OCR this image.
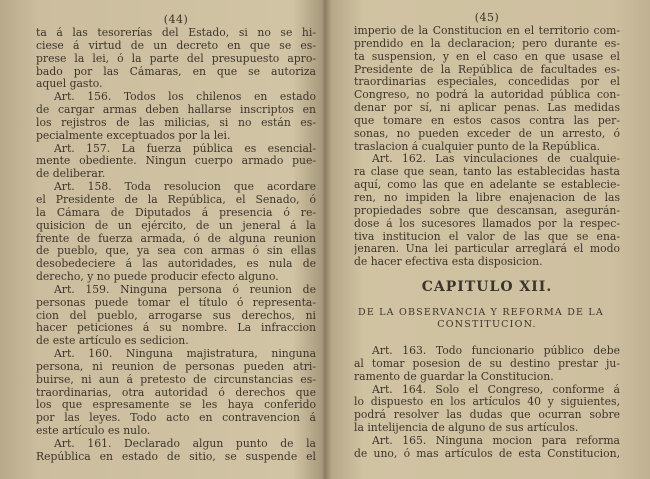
(44)
ta á las tesorerías del Estado, si no se hi-
ciese á virtud de un decreto en que se es-
prese la lei, ó la parte del presupuesto apro-
bado por las Cámaras, en que se autoriza
aquel gasto.
Art. 156. Todos los chilenos en estado
de cargar armas deben hallarse inscriptos en
los rejistros de las milicias, si no están es-
pecialmente exceptuados por la lei.
Art. 157. La fuerza pública es esencial-
mente obediente. Ningun cuerpo armado pue-
de deliberar.
Art. 158. Toda resolucion que acordare
el Presidente de la República, el Senado, ó
la Cámara de Diputados á presencia ó re-
quisicion de un ejército, de un jeneral á la
frente de fuerza armada, ó de alguna reunion
de pueblo, que, ya sea con armas ó sin ellas
desobedeciere á las autoridades, es nula de
derecho, y no puede producir efecto alguno.
Art. 159. Ninguna persona ó reunion de
personas puede tomar el título ó representa-
cion del pueblo, arrogarse sus derechos, ni
hacer peticiones á su nombre. La infraccion
de este artículo es sedicion.
Art. 160. Ninguna majistratura, ninguna
persona, ni reunion de personas pueden atri-
buirse, ni aun á pretesto de circunstancias es-
traordinarias, otra autoridad ó derechos que
los que espresamente se les haya conferido
por las leyes. Todo acto en contravencion á
este artículo es nulo.
Art. 161. Declarado algun punto de la
República en estado de sitio, se suspende el
(45)
imperio de la Constitucion en el territorio com-
prendido en la declaracion; pero durante es-
ta suspension, y en el caso en que usase el
Presidente de la República de facultades es-
traordinarias especiales, concedidas por el
Congreso, no podrá la autoridad pública con-
denar por sí, ni aplicar penas. Las medidas
que tomare en estos casos contra las per-
sonas, no pueden exceder de un arresto, ó
traslacion á cualquier punto de la República.
Art. 162. Las vinculaciones de cualquie-
ra clase que sean, tanto las establecidas hasta
aquí, como las que en adelante se establecie-
ren, no impiden la libre enajenacion de las
propiedades sobre que descansan, asegurán-
dose á los sucesores llamados por la respec-
tiva institucion el valor de las que se ena-
jenaren. Una lei particular arreglará el modo
de hacer efectiva esta disposicion.
CAPITULO XII.
DE LA OBSERVANCIA Y REFORMA DE LA
CONSTITUCION.
Art. 163. Todo funcionario público debe
al tomar posesion de su destino prestar ju-
ramento de guardar la Constitucion.
Art. 164. Solo el Congreso, conforme á
lo dispuesto en los artículos 40 y siguientes,
podrá resolver las dudas que ocurran sobre
la intelijencia de alguno de sus artículos.
Art. 165. Ninguna mocion para reforma
de uno, ó mas artículos de esta Constitucion,
